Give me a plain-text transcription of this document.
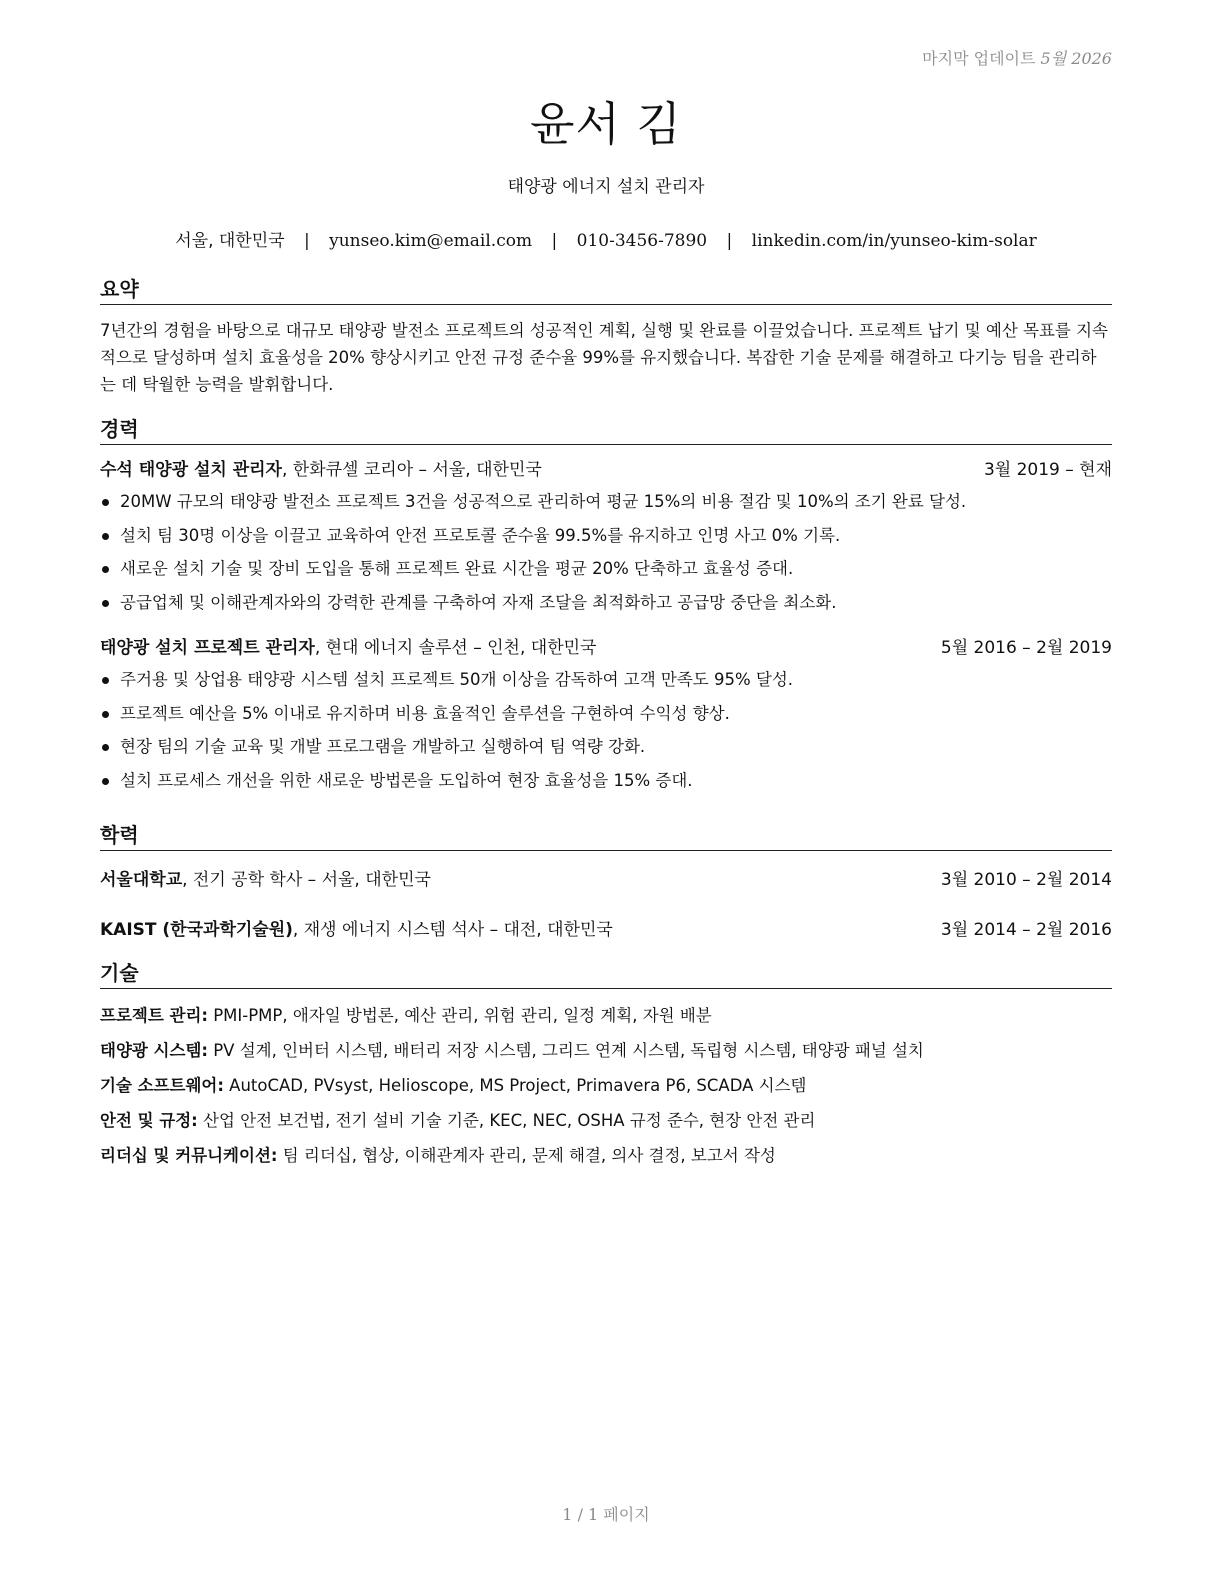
마지막 업데이트 5월 2026
윤서 김
태양광 에너지 설치 관리자
서울, 대한민국 | yunseo.kim@email.com | 010-3456-7890 | linkedin.com/in/yunseo-kim-solar
요약

7년간의 경험을 바탕으로 대규모 태양광 발전소 프로젝트의 성공적인 계획, 실행 및 완료를 이끌었습니다. 프로젝트 납기 및 예산 목표를 지속적으로 달성하며 설치 효율성을 20% 향상시키고 안전 규정 준수율 99%를 유지했습니다. 복잡한 기술 문제를 해결하고 다기능 팀을 관리하는 데 탁월한 능력을 발휘합니다.

경력
수석 태양광 설치 관리자, 한화큐셀 코리아 – 서울, 대한민국	3월 2019 – 현재
20MW 규모의 태양광 발전소 프로젝트 3건을 성공적으로 관리하여 평균 15%의 비용 절감 및 10%의 조기 완료 달성.
설치 팀 30명 이상을 이끌고 교육하여 안전 프로토콜 준수율 99.5%를 유지하고 인명 사고 0% 기록.
새로운 설치 기술 및 장비 도입을 통해 프로젝트 완료 시간을 평균 20% 단축하고 효율성 증대.
공급업체 및 이해관계자와의 강력한 관계를 구축하여 자재 조달을 최적화하고 공급망 중단을 최소화.
태양광 설치 프로젝트 관리자, 현대 에너지 솔루션 – 인천, 대한민국	5월 2016 – 2월 2019
주거용 및 상업용 태양광 시스템 설치 프로젝트 50개 이상을 감독하여 고객 만족도 95% 달성.
프로젝트 예산을 5% 이내로 유지하며 비용 효율적인 솔루션을 구현하여 수익성 향상.
현장 팀의 기술 교육 및 개발 프로그램을 개발하고 실행하여 팀 역량 강화.
설치 프로세스 개선을 위한 새로운 방법론을 도입하여 현장 효율성을 15% 증대.
학력
서울대학교, 전기 공학 학사 – 서울, 대한민국	3월 2010 – 2월 2014
KAIST (한국과학기술원), 재생 에너지 시스템 석사 – 대전, 대한민국	3월 2014 – 2월 2016
기술
프로젝트 관리: PMI-PMP, 애자일 방법론, 예산 관리, 위험 관리, 일정 계획, 자원 배분
태양광 시스템: PV 설계, 인버터 시스템, 배터리 저장 시스템, 그리드 연계 시스템, 독립형 시스템, 태양광 패널 설치
기술 소프트웨어: AutoCAD, PVsyst, Helioscope, MS Project, Primavera P6, SCADA 시스템
안전 및 규정: 산업 안전 보건법, 전기 설비 기술 기준, KEC, NEC, OSHA 규정 준수, 현장 안전 관리
리더십 및 커뮤니케이션: 팀 리더십, 협상, 이해관계자 관리, 문제 해결, 의사 결정, 보고서 작성
1 / 1 페이지
